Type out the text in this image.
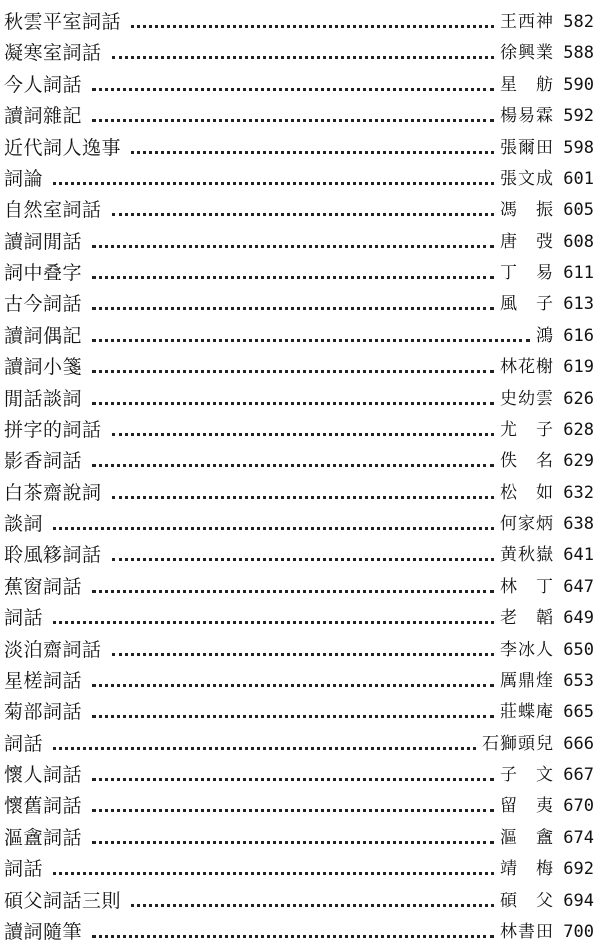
秋雲平室詞話	王西神 582
凝寒室詞話	徐興業 588
今人詞話	星　舫 590
讀詞雜記	楊易霖 592
近代詞人逸事	張爾田 598
詞論	張文成 601
自然室詞話	馮　振 605
讀詞閒話	唐　弢 608
詞中叠字	丁　易 611
古今詞話	風　子 613
讀詞偶記	鴻 616
讀詞小箋	林花榭 619
閒話談詞	史幼雲 626
拼字的詞話	尤　子 628
影香詞話	佚　名 629
白茶齋說詞	松　如 632
談詞	何家炳 638
聆風簃詞話	黄秋嶽 641
蕉窗詞話	林　丁 647
詞話	老　韜 649
淡泊齋詞話	李冰人 650
星槎詞話	厲鼎煃 653
菊部詞話	莊蝶庵 665
詞話	石獅頭兒 666
懷人詞話	子　文 667
懷舊詞話	留　夷 670
漚盦詞話	漚　盦 674
詞話	靖　梅 692
碩父詞話三則	碩　父 694
讀詞隨筆	林書田 700
